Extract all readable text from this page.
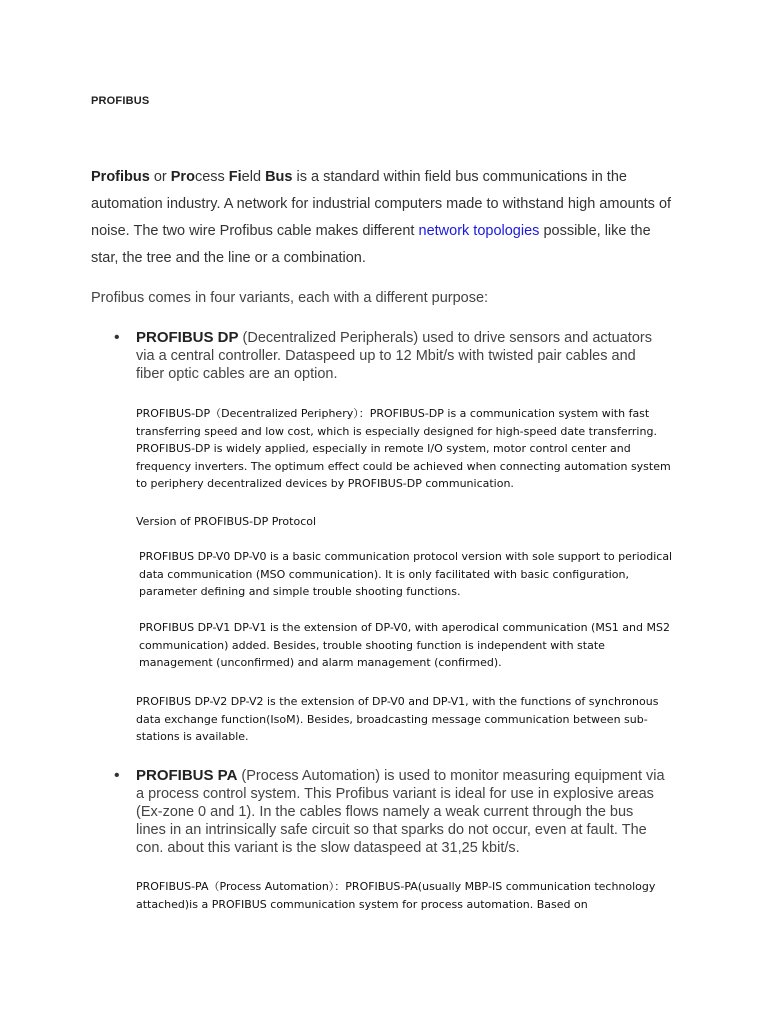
PROFIBUS
Profibus or Process Field Bus is a standard within field bus communications in the automation industry. A network for industrial computers made to withstand high amounts of noise. The two wire Profibus cable makes different network topologies possible, like the star, the tree and the line or a combination.
Profibus comes in four variants, each with a different purpose:
• PROFIBUS DP (Decentralized Peripherals) used to drive sensors and actuators via a central controller. Dataspeed up to 12 Mbit/s with twisted pair cables and fiber optic cables are an option.
PROFIBUS-DP（Decentralized Periphery）：PROFIBUS-DP is a communication system with fast transferring speed and low cost, which is especially designed for high-speed date transferring. PROFIBUS-DP is widely applied, especially in remote I/O system, motor control center and frequency inverters. The optimum effect could be achieved when connecting automation system to periphery decentralized devices by PROFIBUS-DP communication.
Version of PROFIBUS-DP Protocol
PROFIBUS DP-V0 DP-V0 is a basic communication protocol version with sole support to periodical data communication (MSO communication). It is only facilitated with basic configuration, parameter defining and simple trouble shooting functions.
PROFIBUS DP-V1 DP-V1 is the extension of DP-V0, with aperodical communication (MS1 and MS2 communication) added. Besides, trouble shooting function is independent with state management (unconfirmed) and alarm management (confirmed).
PROFIBUS DP-V2 DP-V2 is the extension of DP-V0 and DP-V1, with the functions of synchronous data exchange function(IsoM). Besides, broadcasting message communication between sub-stations is available.
• PROFIBUS PA (Process Automation) is used to monitor measuring equipment via a process control system. This Profibus variant is ideal for use in explosive areas (Ex-zone 0 and 1). In the cables flows namely a weak current through the bus lines in an intrinsically safe circuit so that sparks do not occur, even at fault. The con. about this variant is the slow dataspeed at 31,25 kbit/s.
PROFIBUS-PA（Process Automation）：PROFIBUS-PA(usually MBP-IS communication technology attached)is a PROFIBUS communication system for process automation. Based on
